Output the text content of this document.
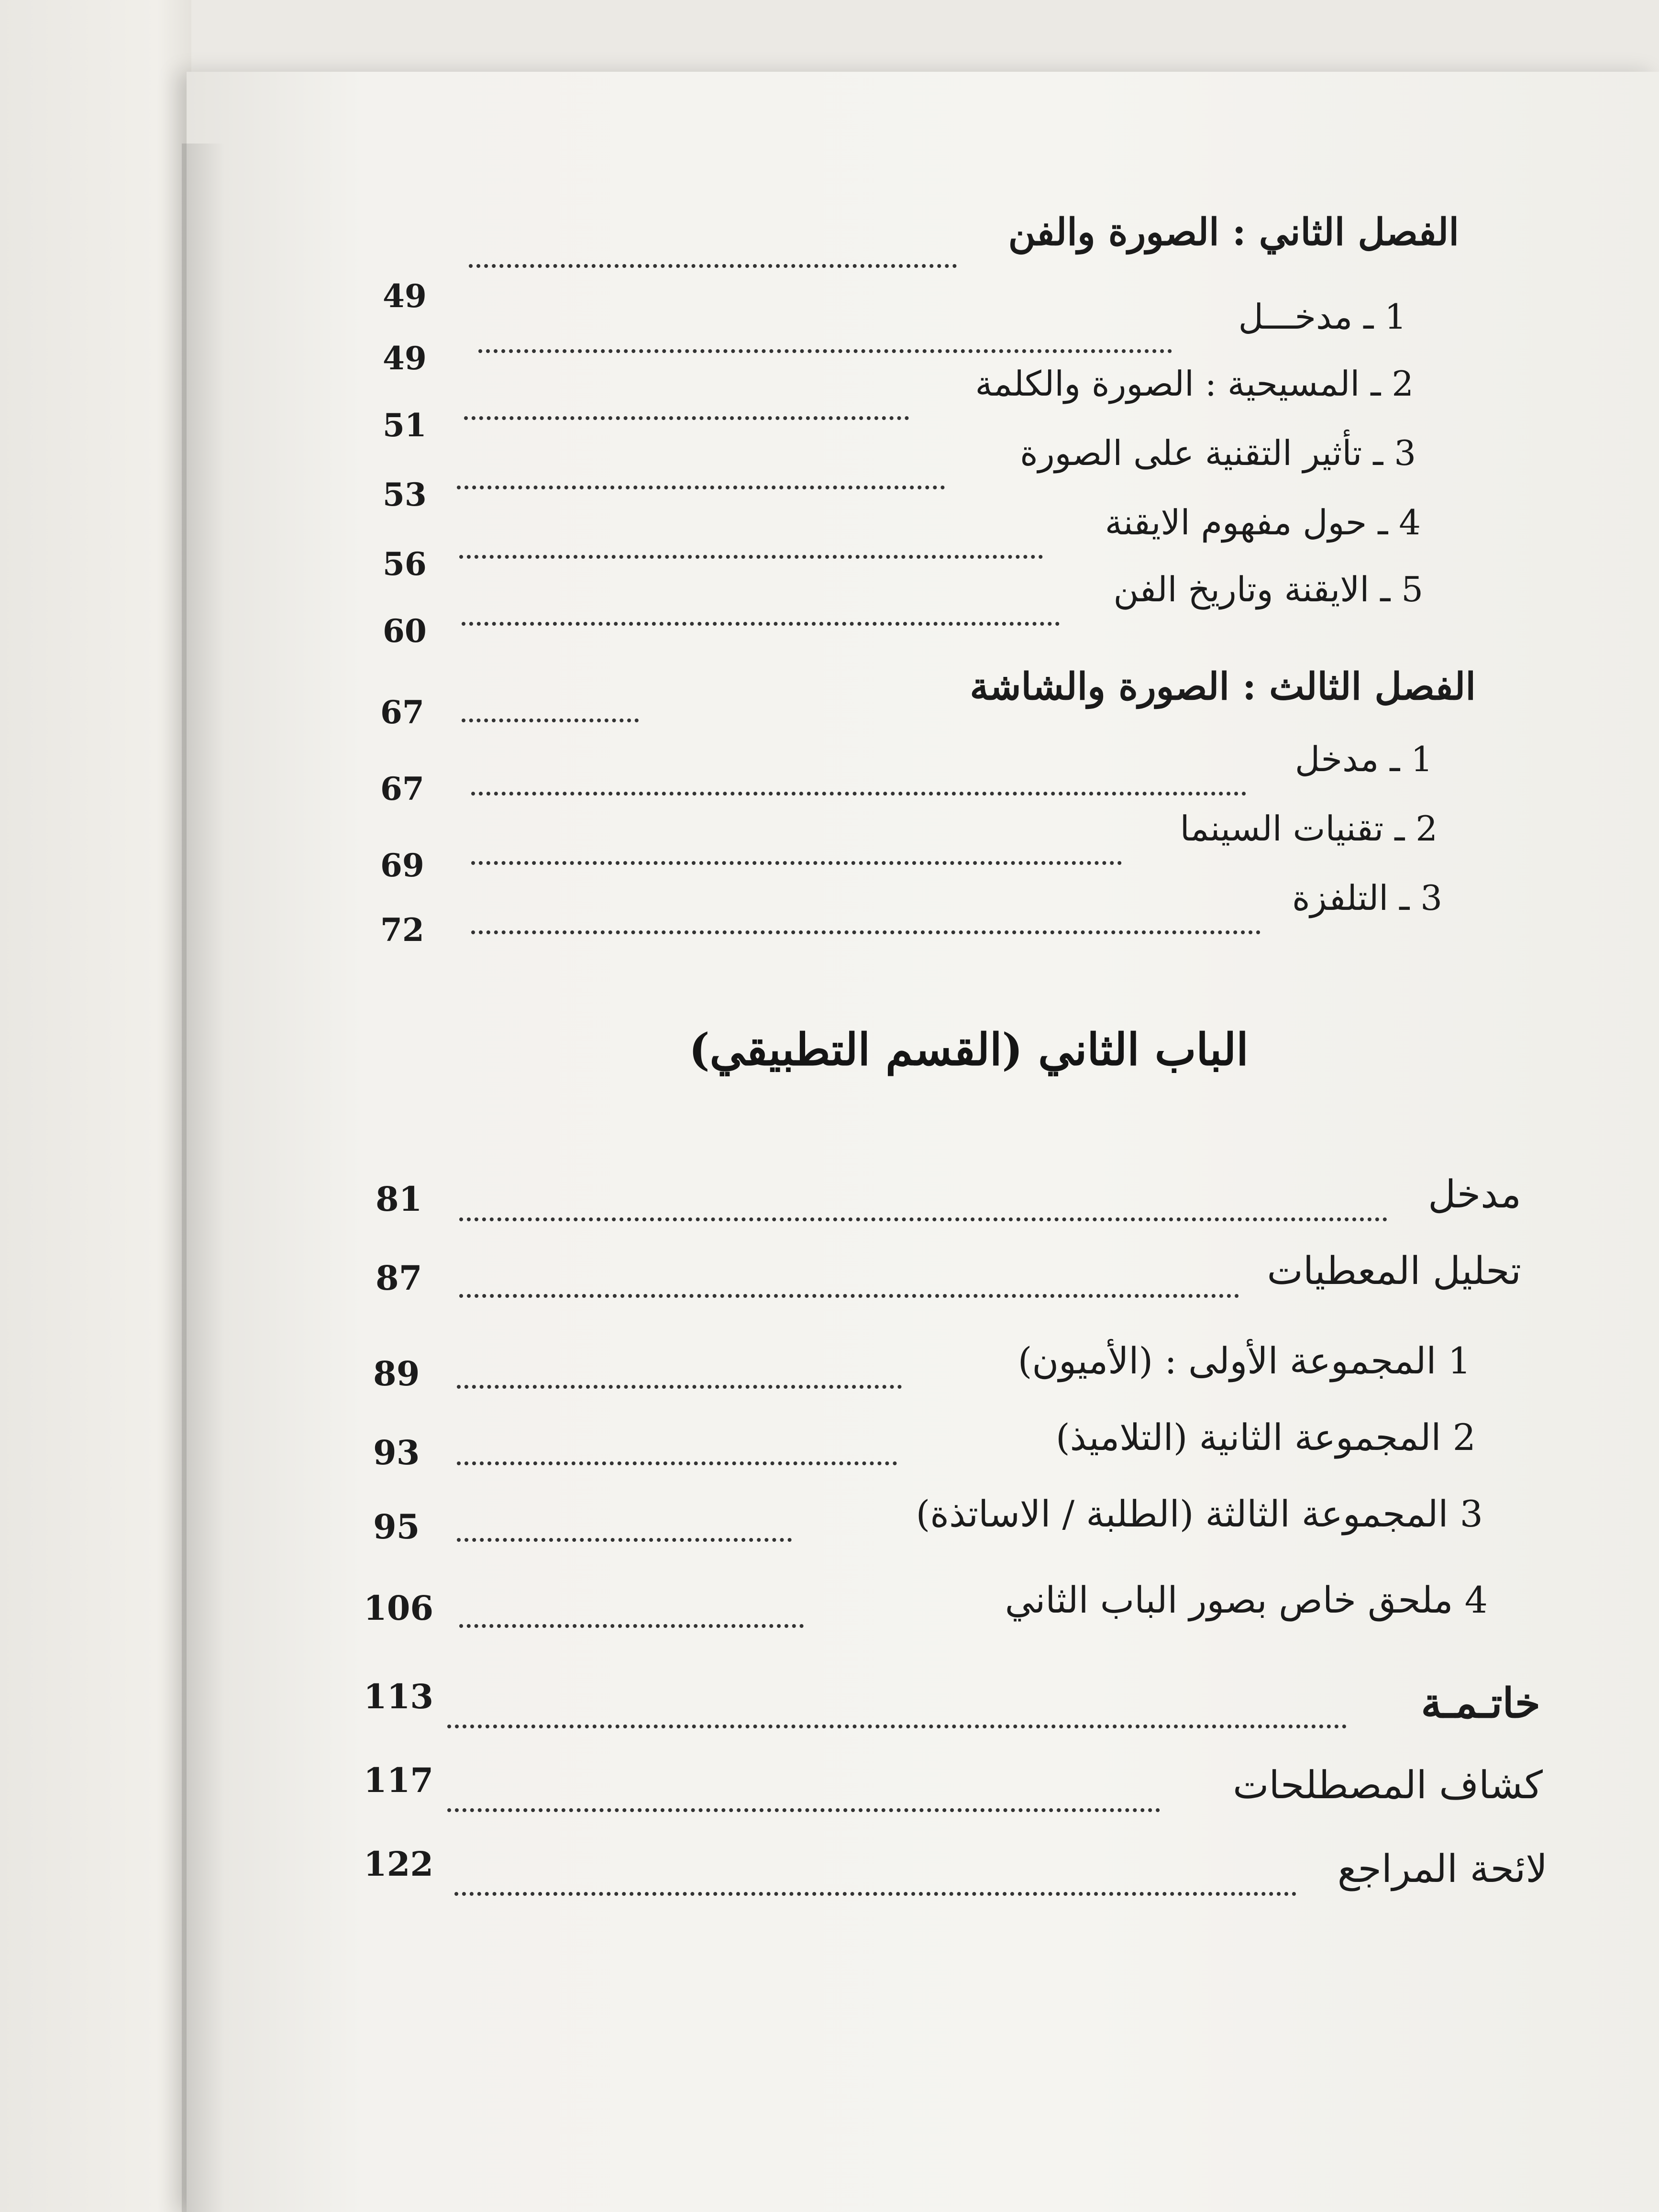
الفصل الثاني : الصورة والفن
49
1 ـ مدخـــل
49
2 ـ المسيحية : الصورة والكلمة
51
3 ـ تأثير التقنية على الصورة
53
4 ـ حول مفهوم الايقنة
56
5 ـ الايقنة وتاريخ الفن
60
الفصل الثالث : الصورة والشاشة
67
1 ـ مدخل
67
2 ـ تقنيات السينما
69
3 ـ التلفزة
72
الباب الثاني (القسم التطبيقي)
مدخل
81
تحليل المعطيات
87
1 المجموعة الأولى : (الأميون)
89
2 المجموعة الثانية (التلاميذ)
93
3 المجموعة الثالثة (الطلبة / الاساتذة)
95
4 ملحق خاص بصور الباب الثاني
106
خاتـمـة
113
كشاف المصطلحات
117
لائحة المراجع
122
